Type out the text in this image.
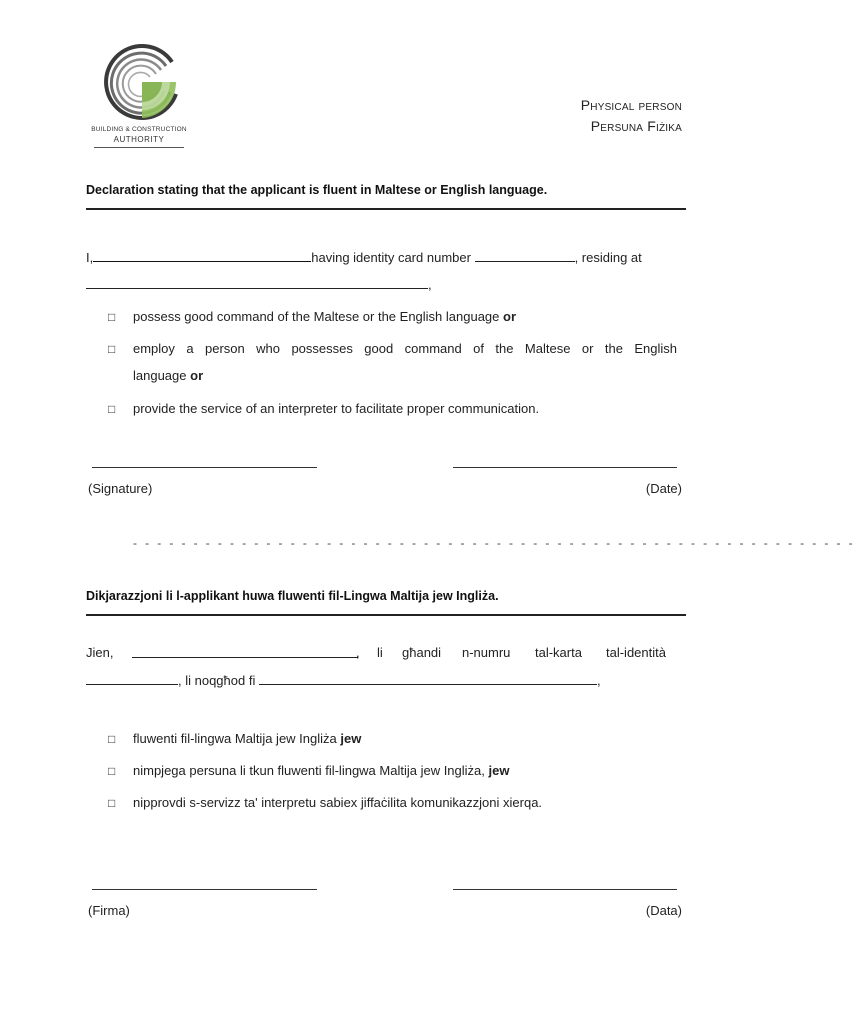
BUILDING & CONSTRUCTION
AUTHORITY
Physical person
Persuna Fiżika
Declaration stating that the applicant is fluent in Maltese or English language.
I,	having identity card number	, residing at
,
□ possess good command of the Maltese or the English language or
□ employ a person who possesses good command of the Maltese or the English
language or
□ provide the service of an interpreter to facilitate proper communication.
(Signature)	(Date)
- - - - - - - - - - - - - - - - - - - - - - - - - - - - - - - - - - - - - - - - - - - - - - - - - - - - - - - - - - - -
Dikjarazzjoni li l-applikant huwa fluwenti fil-Lingwa Maltija jew Ingliża.
Jien,	, li għandi n-numru tal-karta tal-identità
, li noqgħod fi	,
□ fluwenti fil-lingwa Maltija jew Ingliża jew
□ nimpjega persuna li tkun fluwenti fil-lingwa Maltija jew Ingliża, jew
□ nipprovdi s-servizz ta' interpretu sabiex jiffaċilita komunikazzjoni xierqa.
(Firma)	(Data)
